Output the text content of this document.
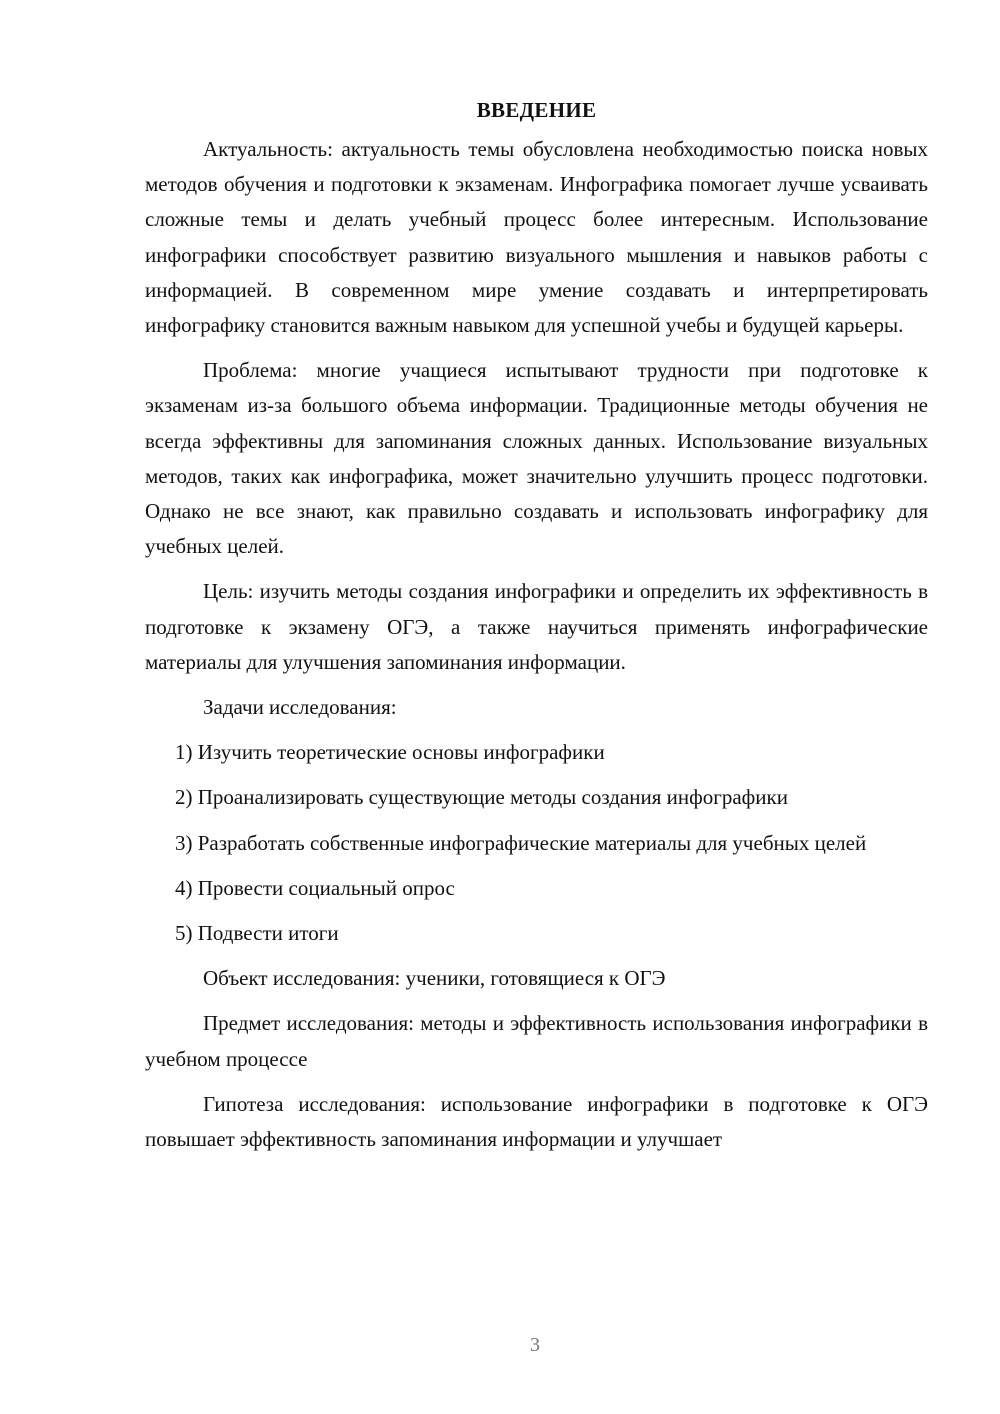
ВВЕДЕНИЕ

Актуальность: актуальность темы обусловлена необходимостью поиска новых методов обучения и подготовки к экзаменам. Инфографика помогает лучше усваивать сложные темы и делать учебный процесс более интересным. Использование инфографики способствует развитию визуального мышления и навыков работы с информацией. В современном мире умение создавать и интерпретировать инфографику становится важным навыком для успешной учебы и будущей карьеры.

Проблема: многие учащиеся испытывают трудности при подготовке к экзаменам из-за большого объема информации. Традиционные методы обучения не всегда эффективны для запоминания сложных данных. Использование визуальных методов, таких как инфографика, может значительно улучшить процесс подготовки. Однако не все знают, как правильно создавать и использовать инфографику для учебных целей.

Цель: изучить методы создания инфографики и определить их эффективность в подготовке к экзамену ОГЭ, а также научиться применять инфографические материалы для улучшения запоминания информации.

Задачи исследования:

1) Изучить теоретические основы инфографики

2) Проанализировать существующие методы создания инфографики

3) Разработать собственные инфографические материалы для учебных целей

4) Провести социальный опрос

5) Подвести итоги

Объект исследования: ученики, готовящиеся к ОГЭ

Предмет исследования: методы и эффективность использования инфографики в учебном процессе

Гипотеза исследования: использование инфографики в подготовке к ОГЭ повышает эффективность запоминания информации и улучшает

3
